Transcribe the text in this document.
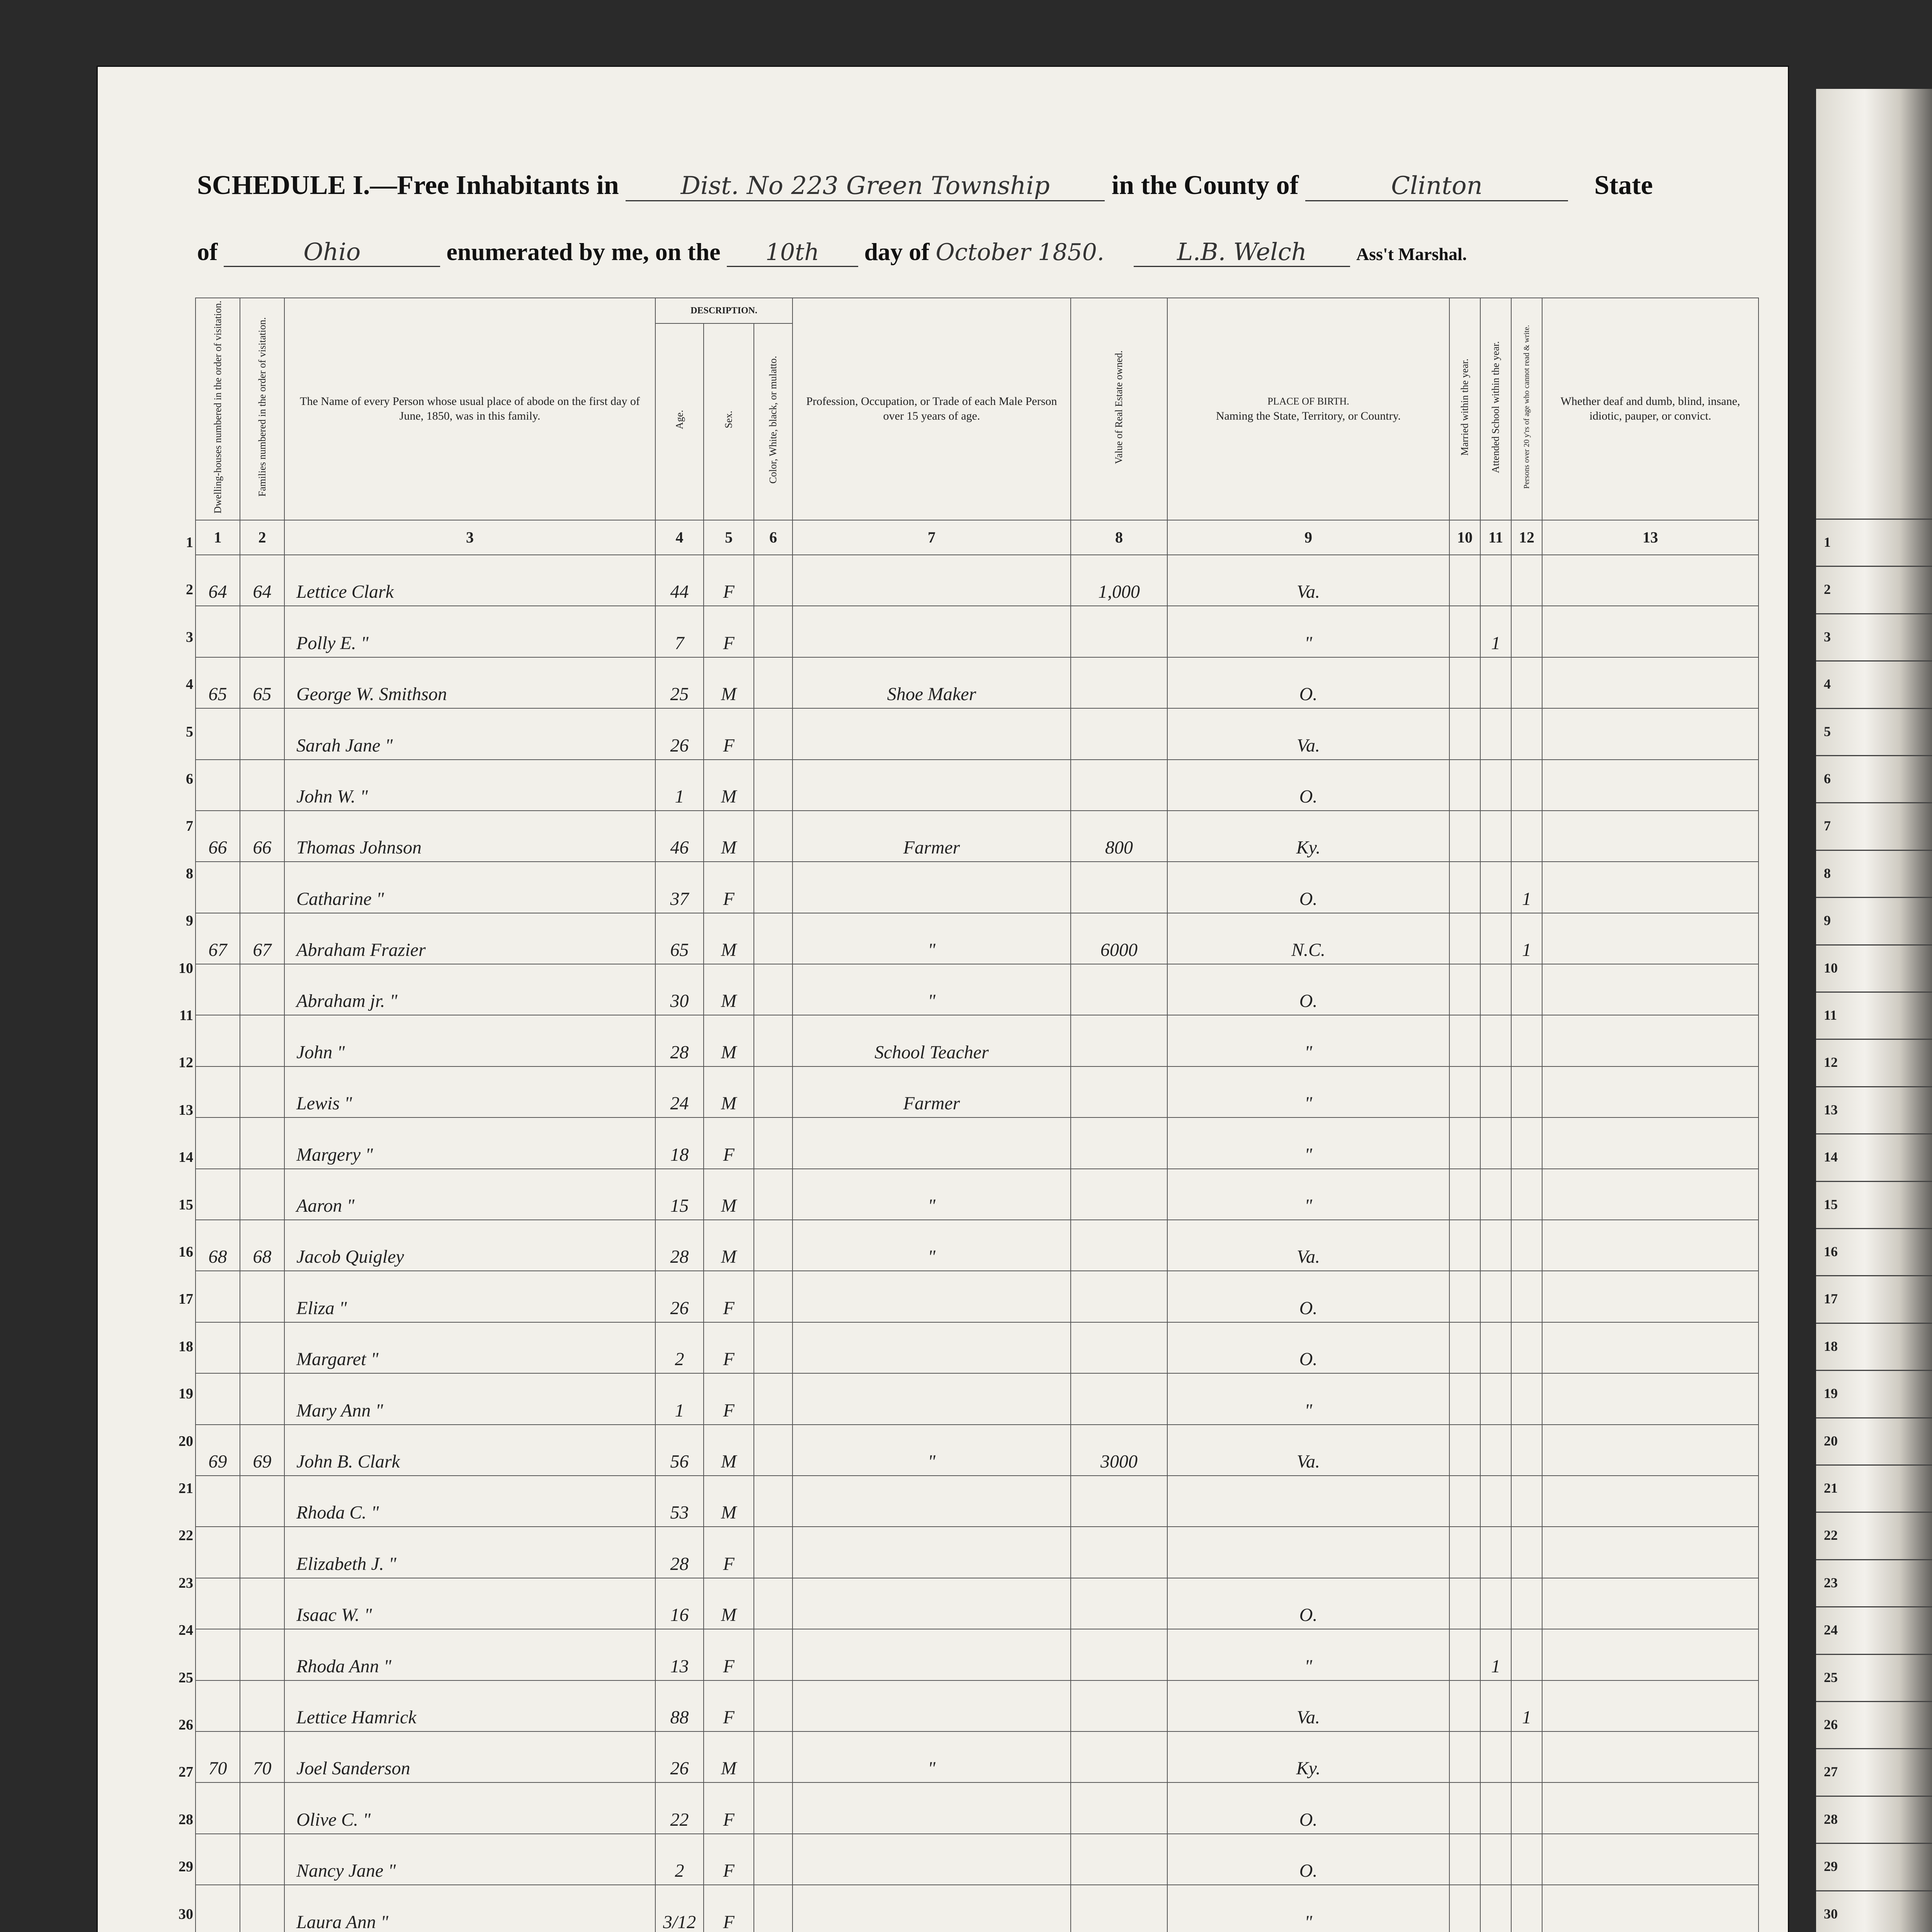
1
2
3
4
5
6
7
8
9
10
11
12
13
14
15
16
17
18
19
20
21
22
23
24
25
26
27
28
29
30
SCHEDULE I.—Free Inhabitants in Dist. No 223 Green Township in the County of	Clinton	State
of	Ohio	enumerated by me, on the 10th day of October 1850.	L.B. Welch	Ass't Marshal.
Dwelling-houses numbered in the order of visitation.	Families numbered in the order of visitation.	The Name of every Person whose usual place of abode on the first day of June, 1850, was in this family.	DESCRIPTION.			Profession, Occupation, or Trade of each Male Person over 15 years of age.	Value of Real Estate owned.	PLACE OF BIRTH.
Naming the State, Territory, or Country.	Married within the year.	Attended School within the year.	Persons over 20 y'rs of age who cannot read & write.	Whether deaf and dumb, blind, insane, idiotic, pauper, or convict.
			Age.	Sex.	Color, White, black, or mulatto.							
1	2	3	4	5	6	7	8	9	10	11	12	13
64	64	Lettice Clark	44	F			1,000	Va.				
		Polly E. "	7	F				"		1		
65	65	George W. Smithson	25	M		Shoe Maker		O.				
		Sarah Jane "	26	F				Va.				
		John W. "	1	M				O.				
66	66	Thomas Johnson	46	M		Farmer	800	Ky.				
		Catharine "	37	F				O.			1	
67	67	Abraham Frazier	65	M		"	6000	N.C.			1	
		Abraham jr. "	30	M		"		O.				
		John "	28	M		School Teacher		"				
		Lewis "	24	M		Farmer		"				
		Margery "	18	F				"				
		Aaron "	15	M		"		"				
68	68	Jacob Quigley	28	M		"		Va.				
		Eliza "	26	F				O.				
		Margaret "	2	F				O.				
		Mary Ann "	1	F				"				
69	69	John B. Clark	56	M		"	3000	Va.				
		Rhoda C. "	53	M								
		Elizabeth J. "	28	F								
		Isaac W. "	16	M				O.				
		Rhoda Ann "	13	F				"		1		
		Lettice Hamrick	88	F				Va.			1	
70	70	Joel Sanderson	26	M		"		Ky.				
		Olive C. "	22	F				O.				
		Nancy Jane "	2	F				O.				
		Laura Ann "	3/12	F				"				

1
2
3
4
5
6
7
8
9
10
11
12
13
14
15
16
17
18
19
20
21
22
23
24
25
26
27
28
29
30
